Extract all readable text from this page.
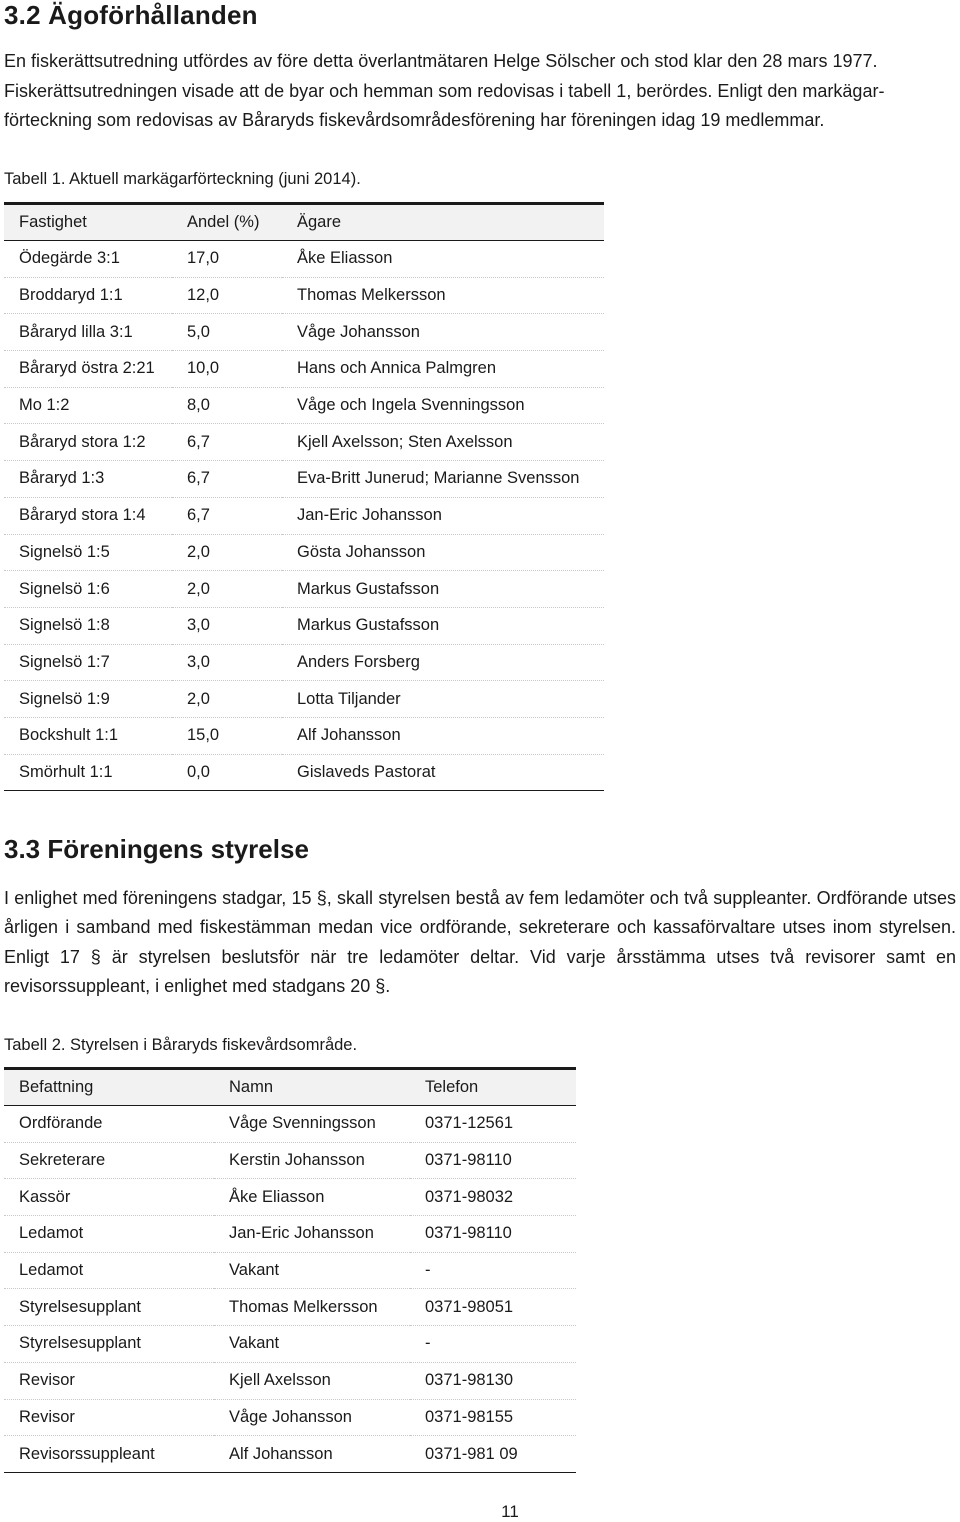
3.2 Ägoförhållanden

En fiskerättsutredning utfördes av före detta överlantmätaren Helge Sölscher och stod klar den 28 mars 1977. Fiskerättsutredningen visade att de byar och hemman som redovisas i tabell 1, berördes. Enligt den markägarförteckning som redovisas av Båraryds fiskevårdsområdesförening har föreningen idag 19 medlemmar.

Tabell 1. Aktuell markägarförteckning (juni 2014).

Fastighet	Andel (%)	Ägare
Ödegärde 3:1	17,0	Åke Eliasson
Broddaryd 1:1	12,0	Thomas Melkersson
Båraryd lilla 3:1	5,0	Våge Johansson
Båraryd östra 2:21	10,0	Hans och Annica Palmgren
Mo 1:2	8,0	Våge och Ingela Svenningsson
Båraryd stora 1:2	6,7	Kjell Axelsson; Sten Axelsson
Båraryd 1:3	6,7	Eva-Britt Junerud; Marianne Svensson
Båraryd stora 1:4	6,7	Jan-Eric Johansson
Signelsö 1:5	2,0	Gösta Johansson
Signelsö 1:6	2,0	Markus Gustafsson
Signelsö 1:8	3,0	Markus Gustafsson
Signelsö 1:7	3,0	Anders Forsberg
Signelsö 1:9	2,0	Lotta Tiljander
Bockshult 1:1	15,0	Alf Johansson
Smörhult 1:1	0,0	Gislaveds Pastorat
3.3 Föreningens styrelse

I enlighet med föreningens stadgar, 15 §, skall styrelsen bestå av fem ledamöter och två suppleanter. Ordförande utses årligen i samband med fiskestämman medan vice ordförande, sekreterare och kassaförvaltare utses inom styrelsen. Enligt 17 § är styrelsen beslutsför när tre ledamöter deltar. Vid varje årsstämma utses två revisorer samt en revisorssuppleant, i enlighet med stadgans 20 §.

Tabell 2. Styrelsen i Båraryds fiskevårdsområde.

Befattning	Namn	Telefon
Ordförande	Våge Svenningsson	0371-12561
Sekreterare	Kerstin Johansson	0371-98110
Kassör	Åke Eliasson	0371-98032
Ledamot	Jan-Eric Johansson	0371-98110
Ledamot	Vakant	-
Styrelsesupplant	Thomas Melkersson	0371-98051
Styrelsesupplant	Vakant	-
Revisor	Kjell Axelsson	0371-98130
Revisor	Våge Johansson	0371-98155
Revisorssuppleant	Alf Johansson	0371-981 09
11
